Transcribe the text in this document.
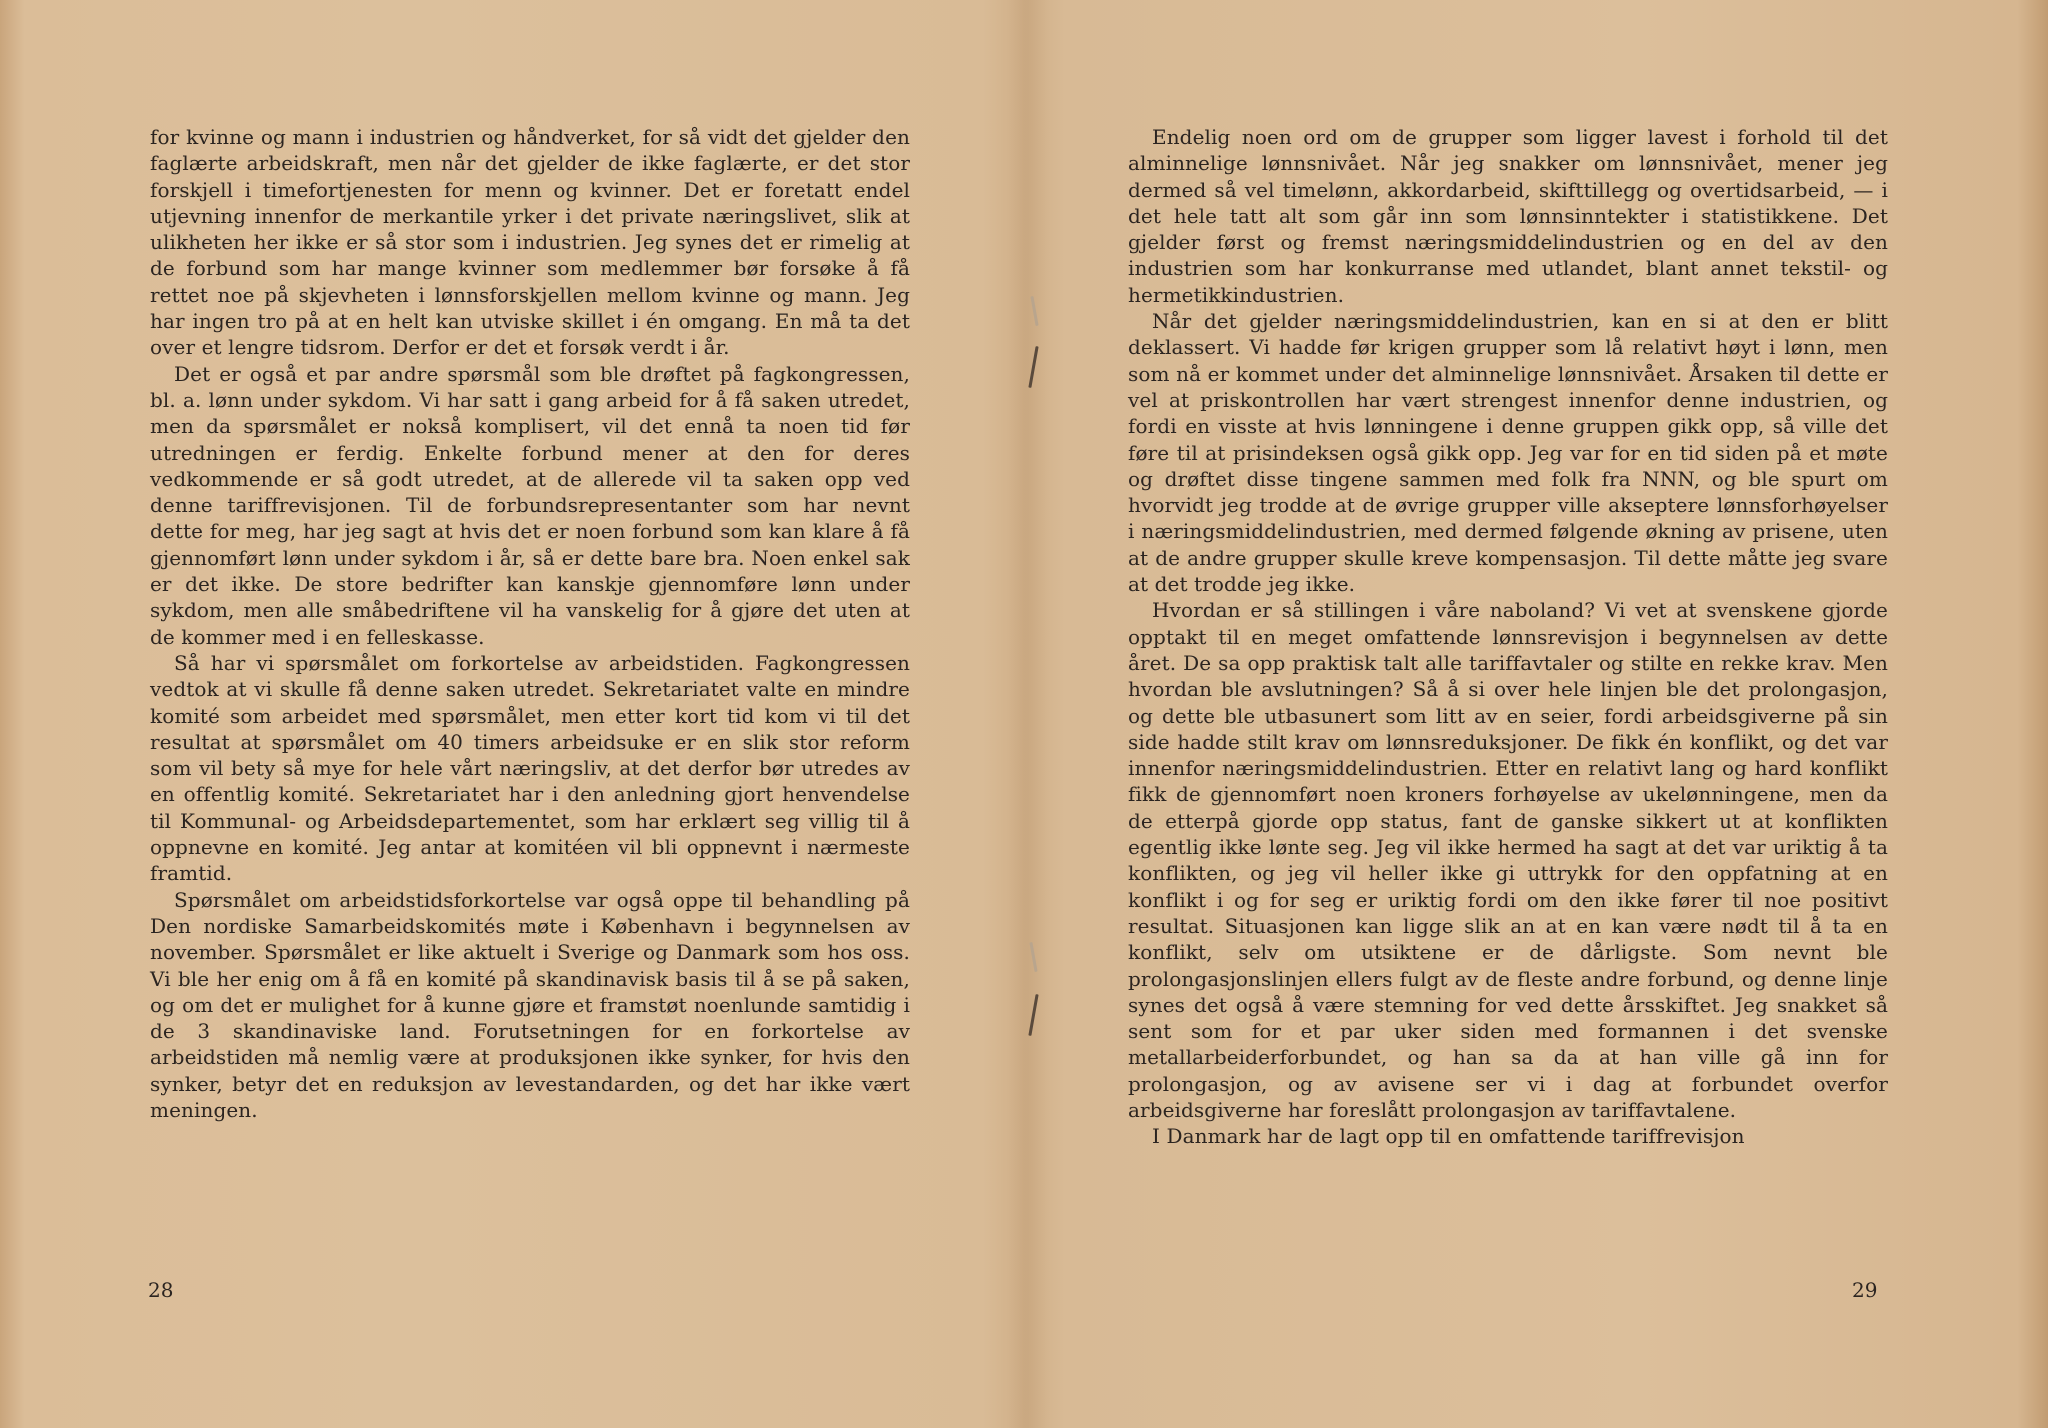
for kvinne og mann i industrien og håndverket, for så vidt det gjelder den faglærte arbeidskraft, men når det gjelder de ikke faglærte, er det stor forskjell i timefortjenesten for menn og kvinner. Det er foretatt endel utjevning innenfor de merkantile yrker i det private næringslivet, slik at ulikheten her ikke er så stor som i industrien. Jeg synes det er rimelig at de forbund som har mange kvinner som medlemmer bør forsøke å få rettet noe på skjevheten i lønnsforskjellen mellom kvinne og mann. Jeg har ingen tro på at en helt kan utviske skillet i én omgang. En må ta det over et lengre tidsrom. Derfor er det et forsøk verdt i år.

Det er også et par andre spørsmål som ble drøftet på fagkongressen, bl. a. lønn under sykdom. Vi har satt i gang arbeid for å få saken utredet, men da spørsmålet er nokså komplisert, vil det ennå ta noen tid før utredningen er ferdig. Enkelte forbund mener at den for deres vedkommende er så godt utredet, at de allerede vil ta saken opp ved denne tariffrevisjonen. Til de forbundsrepresentanter som har nevnt dette for meg, har jeg sagt at hvis det er noen forbund som kan klare å få gjennomført lønn under sykdom i år, så er dette bare bra. Noen enkel sak er det ikke. De store bedrifter kan kanskje gjennomføre lønn under sykdom, men alle småbedriftene vil ha vanskelig for å gjøre det uten at de kommer med i en felleskasse.

Så har vi spørsmålet om forkortelse av arbeidstiden. Fagkongressen vedtok at vi skulle få denne saken utredet. Sekretariatet valte en mindre komité som arbeidet med spørsmålet, men etter kort tid kom vi til det resultat at spørsmålet om 40 timers arbeidsuke er en slik stor reform som vil bety så mye for hele vårt næringsliv, at det derfor bør utredes av en offentlig komité. Sekretariatet har i den anledning gjort henvendelse til Kommunal- og Arbeidsdepartementet, som har erklært seg villig til å oppnevne en komité. Jeg antar at komitéen vil bli oppnevnt i nærmeste framtid.

Spørsmålet om arbeidstidsforkortelse var også oppe til behandling på Den nordiske Samarbeidskomités møte i København i begynnelsen av november. Spørsmålet er like aktuelt i Sverige og Danmark som hos oss. Vi ble her enig om å få en komité på skandinavisk basis til å se på saken, og om det er mulighet for å kunne gjøre et framstøt noenlunde samtidig i de 3 skandinaviske land. Forutsetningen for en forkortelse av arbeidstiden må nemlig være at produksjonen ikke synker, for hvis den synker, betyr det en reduksjon av levestandarden, og det har ikke vært meningen.

28

Endelig noen ord om de grupper som ligger lavest i forhold til det alminnelige lønnsnivået. Når jeg snakker om lønnsnivået, mener jeg dermed så vel timelønn, akkordarbeid, skifttillegg og overtidsarbeid, — i det hele tatt alt som går inn som lønnsinntekter i statistikkene. Det gjelder først og fremst næringsmiddelindustrien og en del av den industrien som har konkurranse med utlandet, blant annet tekstil- og hermetikkindustrien.

Når det gjelder næringsmiddelindustrien, kan en si at den er blitt deklassert. Vi hadde før krigen grupper som lå relativt høyt i lønn, men som nå er kommet under det alminnelige lønnsnivået. Årsaken til dette er vel at priskontrollen har vært strengest innenfor denne industrien, og fordi en visste at hvis lønningene i denne gruppen gikk opp, så ville det føre til at prisindeksen også gikk opp. Jeg var for en tid siden på et møte og drøftet disse tingene sammen med folk fra NNN, og ble spurt om hvorvidt jeg trodde at de øvrige grupper ville akseptere lønnsforhøyelser i næringsmiddelindustrien, med dermed følgende økning av prisene, uten at de andre grupper skulle kreve kompensasjon. Til dette måtte jeg svare at det trodde jeg ikke.

Hvordan er så stillingen i våre naboland? Vi vet at svenskene gjorde opptakt til en meget omfattende lønnsrevisjon i begynnelsen av dette året. De sa opp praktisk talt alle tariffavtaler og stilte en rekke krav. Men hvordan ble avslutningen? Så å si over hele linjen ble det prolongasjon, og dette ble utbasunert som litt av en seier, fordi arbeidsgiverne på sin side hadde stilt krav om lønnsreduksjoner. De fikk én konflikt, og det var innenfor næringsmiddelindustrien. Etter en relativt lang og hard konflikt fikk de gjennomført noen kroners forhøyelse av ukelønningene, men da de etterpå gjorde opp status, fant de ganske sikkert ut at konflikten egentlig ikke lønte seg. Jeg vil ikke hermed ha sagt at det var uriktig å ta konflikten, og jeg vil heller ikke gi uttrykk for den oppfatning at en konflikt i og for seg er uriktig fordi om den ikke fører til noe positivt resultat. Situasjonen kan ligge slik an at en kan være nødt til å ta en konflikt, selv om utsiktene er de dårligste. Som nevnt ble prolongasjonslinjen ellers fulgt av de fleste andre forbund, og denne linje synes det også å være stemning for ved dette årsskiftet. Jeg snakket så sent som for et par uker siden med formannen i det svenske metallarbeiderforbundet, og han sa da at han ville gå inn for prolongasjon, og av avisene ser vi i dag at forbundet overfor arbeidsgiverne har foreslått prolongasjon av tariffavtalene.

I Danmark har de lagt opp til en omfattende tariffrevisjon

29
